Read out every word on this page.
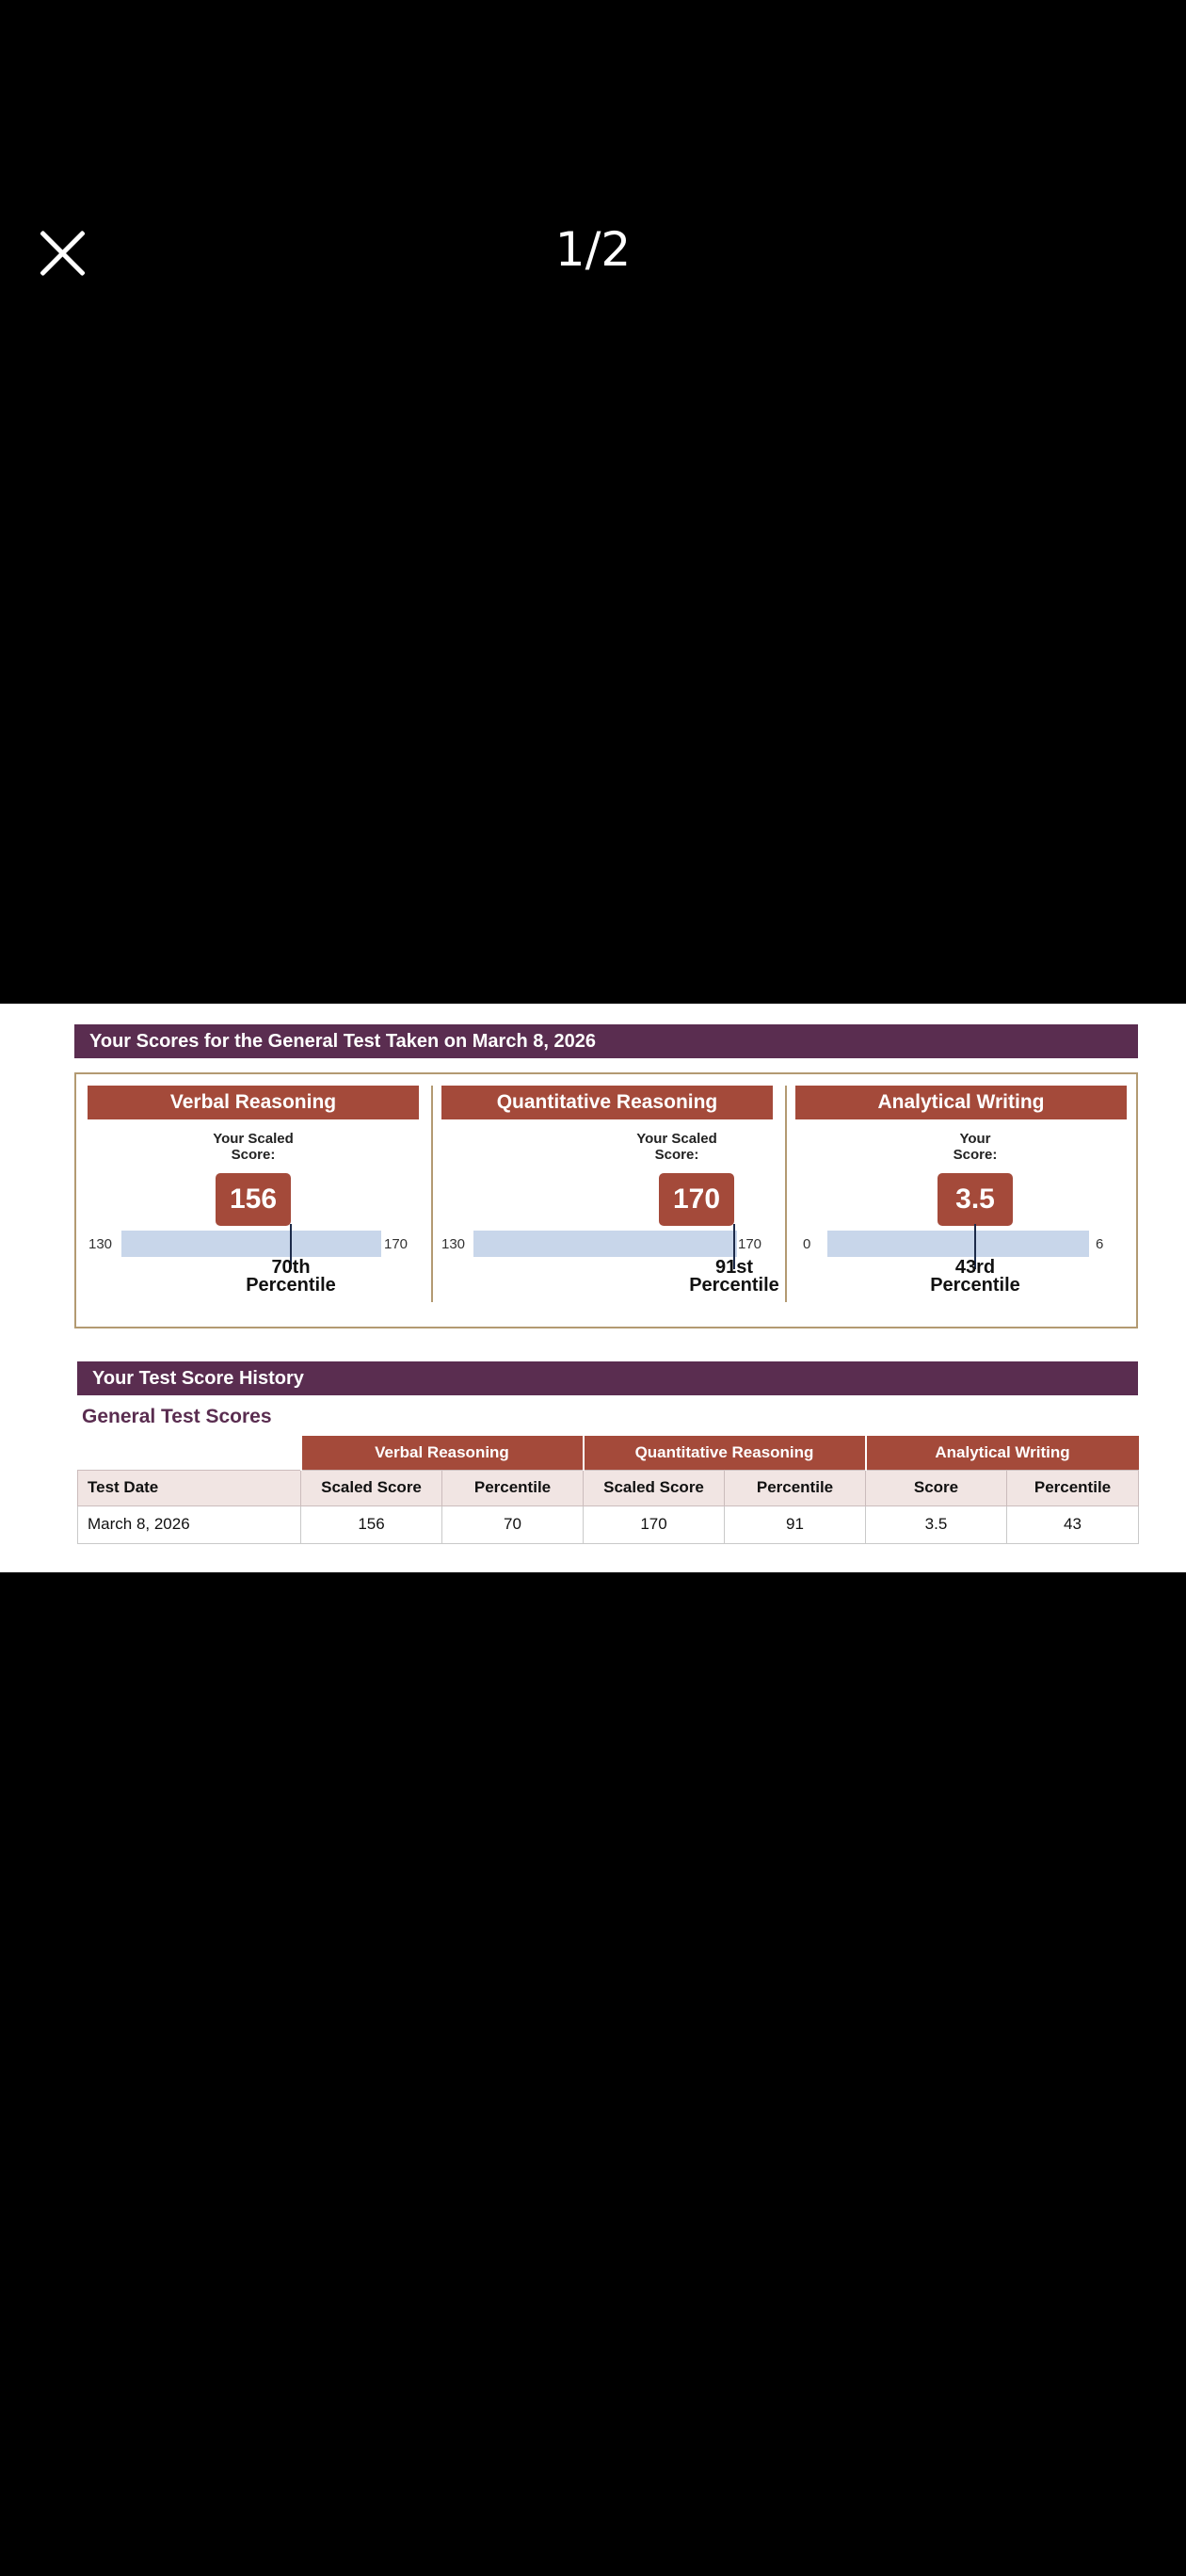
1/2
Your Scores for the General Test Taken on March 8, 2026
Verbal Reasoning
Your Scaled
Score:
156
130	170
70th
Percentile
Quantitative Reasoning
Your Scaled
Score:
170
130	170
91st
Percentile
Analytical Writing
Your
Score:
3.5
0	6
43rd
Percentile
Your Test Score History
General Test Scores
	Verbal Reasoning		Quantitative Reasoning		Analytical Writing	
Test Date	Scaled Score	Percentile	Scaled Score	Percentile	Score	Percentile
March 8, 2026	156	70	170	91	3.5	43
